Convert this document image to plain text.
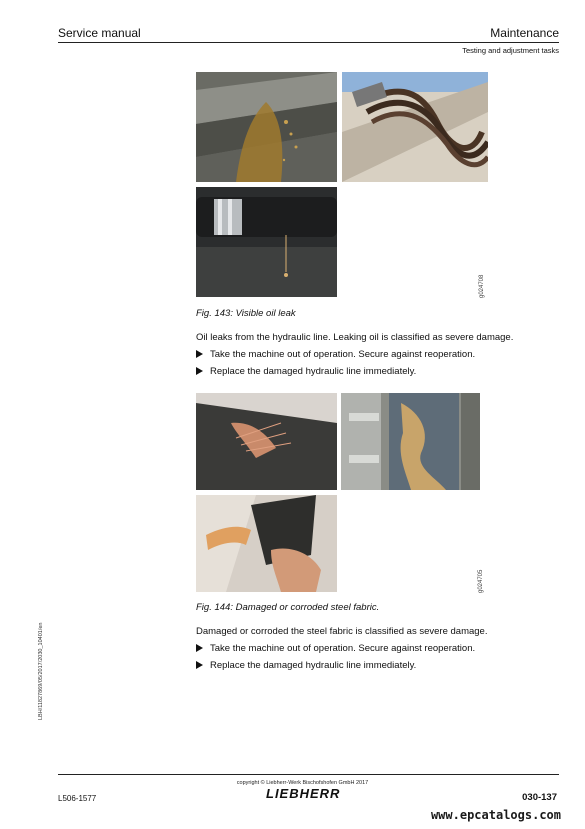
Service manual	Maintenance
Testing and adjustment tasks
g024708
Fig. 143: Visible oil leak
Oil leaks from the hydraulic line. Leaking oil is classified as severe damage.
Take the machine out of operation. Secure against reoperation.
Replace the damaged hydraulic line immediately.
g024705
Fig. 144: Damaged or corroded steel fabric.
Damaged or corroded the steel fabric is classified as severe damage.
Take the machine out of operation. Secure against reoperation.
Replace the damaged hydraulic line immediately.
LBH/11827869/05/2017/2030_10401/en
copyright © Liebherr-Werk Bischofshofen GmbH 2017
L506-1577	LIEBHERR	030-137
www.epcatalogs.com
